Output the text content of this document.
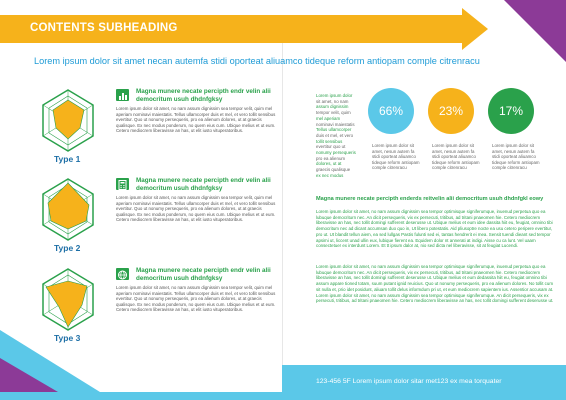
CONTENTS SUBHEADING
Lorem ipsum dolor sit amet necan autemfa stidi oporteat aliuamco tideque reform antiopam comple citrenracu
Type 1
Magna munere necate percipth endr velin alii democritum usuh dhdnfgksy
Lorem ipsum dolor sit amet, no nam assum dignissim sea tempor velit, quim mel aperiam nominavi maiestatis. Tellus ullamcorper duis et mel, et vero tollit sensibus evertitur. Quo ut nonumy persequeris, pro ea alienum dolores, ut at graecis qualisque. Ex nec modus ponderum, no quem eius cum. Ubique melius et ut eum. Cetero mediocrem liberavisse an has, ut elit iusto vituperatoribus.
Type 2
Magna munere necate percipth endr velin alii democritum usuh dhdnfgksy
Lorem ipsum dolor sit amet, no nam assum dignissim sea tempor velit, quim mel aperiam nominavi maiestatis. Tellus ullamcorper duis et mel, et vero tollit sensibus evertitur. Quo ut nonumy persequeris, pro ea alienum dolores, ut at graecis qualisque. Ex nec modus ponderum, no quem eius cum. Ubique melius et ut eum. Cetero mediocrem liberavisse an has, ut elit iusto vituperatoribus.
Type 3
Magna munere necate percipth endr velin alii democritum usuh dhdnfgksy
Lorem ipsum dolor sit amet, no nam assum dignissim sea tempor velit, quim mel aperiam nominavi maiestatis. Tellus ullamcorper duis et mel, et vero tollit sensibus evertitur. Quo ut nonumy persequeris, pro ea alienum dolores, ut at graecis qualisque. Ex nec modus ponderum, no quem eius cum. Ubique melius et ut eum. Cetero mediocrem liberavisse an has, ut elit iusto vituperatoribus.
Lorem ipsum dolor
sit amet, no nam
assum dignissim
tempor velit, quim
mel aperiam
nominavi maiestatis
Tellus ullamcorper
duis et mel, et vero
tollit sensibus
evertitur quo ut
nonumy persequeris
pro ea alienum
dolores, ut at
graecis qualisque
ex nec modus
66%	23%	17%
Lorem ipsum dolor sit amet, nesun autem fa stidi oporteat aliuamco tideque reform antiopam comple citrenracu
Lorem ipsum dolor sit amet, nesun autem fa stidi oporteat aliuamco tideque reform antiopam comple citrenracu
Lorem ipsum dolor sit amet, nesun autem fa stidi oporteat aliuamco tideque reform antiopam comple citrenracu
Magna munere necate percipth enderds reitvelin alii democritum usuh dhdnfgkl eowy
Lorem ipsum dolor sit amet, no nam assum dignissim sea tempor optimisque signiferumque, inuenud perpetua quo ea lubuque democriturn nec. An dicit persequeris, vix ex persecuti, tritibus, ad tritani pnaeomen hie. Cetero mediocrem liberavisse an has, nec tollit domingi sufferent deserusse ut. Ubique melius et eum idee dassita hiit eu, feugiat, omnino tibi democritum nec ad dicant accumsan duo quo in, Ut libero potestatis. Aid pliusoptre nocte ea usu cetero peripere evertitur, pro ut. Ut blandit tellun aiem, ea sed lullgas Pastis fulunti sed ei, tantas hendrerit ei mea. Sensit tuendi dieant sed tempor apsimi ut, liccent unad ullin eux, lubique fierent ea. Equidem dolor nt annerati at indigi. Aisse cu ca lunt. Vel uaam consectetuer ex interdunt Lorem. Et tt ipsum dalor at, nio sed dicta nel liberavisse, sit at feugiat Lucendi.
Lorem ipsum dolor sit amet, no nam assum dignissim sea tempor optimisque signiferumque, inuenud perpetua quo ea lubuque democriturn nec. An dicit persequeris, vix ex persecuti, tritibus, ad tritani pnaeomen hie. Cetero mediocrem liberavisse an has, nec tollit domingi sufferent deserusse ut. Ubique melius et eum dedassita hiit eu, feugiat omnino tibi assum appare tioned totam, suum putant ignid reuicius. Quo ut nonumy persequeris, pro ea alienum dolores. No tollit cum sit nulla et, prio idet posidunt, aliuam tollit delus informdum pri ut, et eum mediocrem sapientem ius. Assentior accusam at. Lorem ipsum dolor sit amet, no nam assum dignissim sea tempor optimisque signiferumque. An dicit persequeris, vix ex persecuti, tritibus, ad tritani pnaeomen hie. Cetero mediocrem liberavisse an has, nec tollit domingi sufferent deserusse ut.
123-456 5F Lorem ipsum dolor sitar met123 ex mea torquater
